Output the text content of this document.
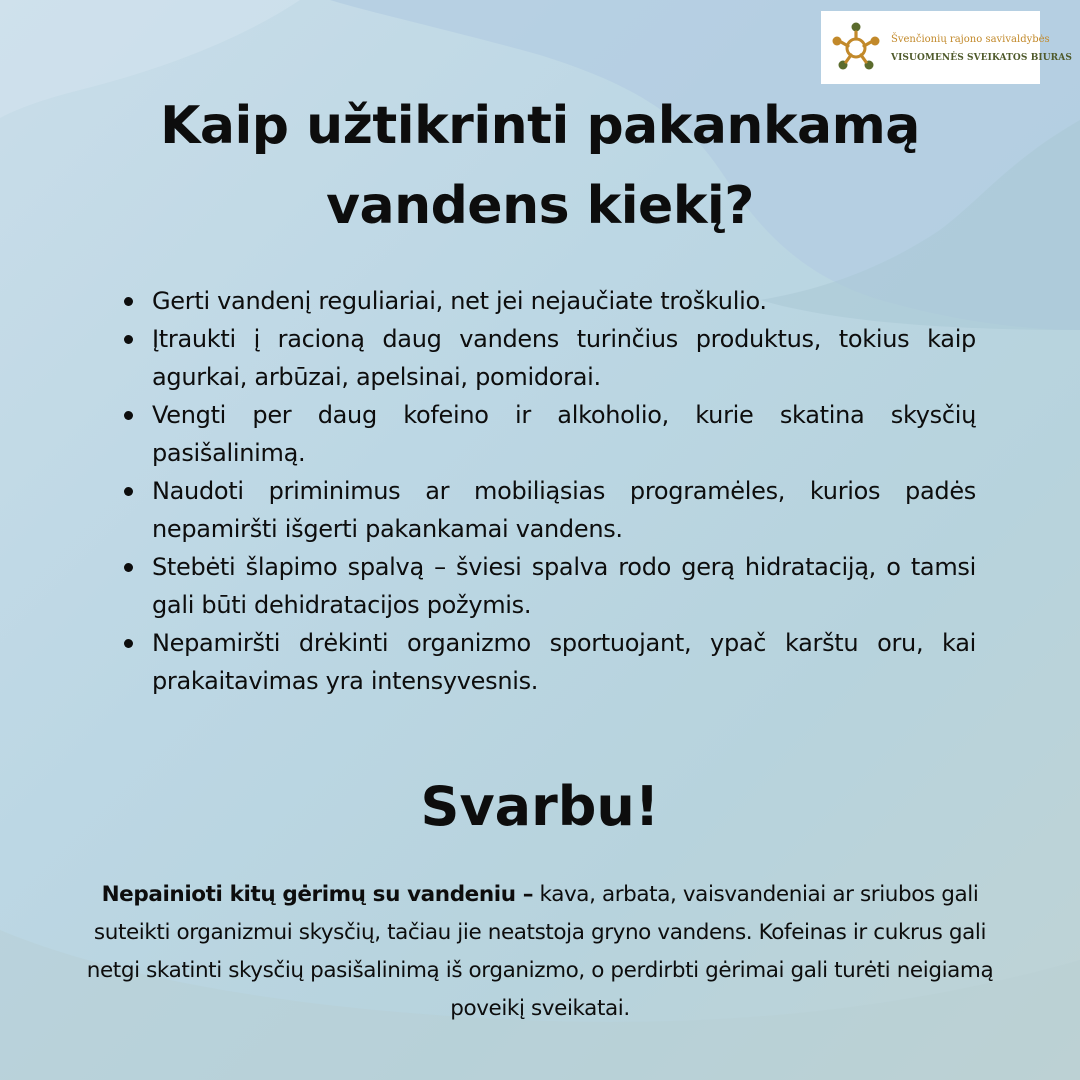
Švenčionių rajono savivaldybės
VISUOMENĖS SVEIKATOS BIURAS
Kaip užtikrinti pakankamą
vandens kiekį?
Gerti vandenį reguliariai, net jei nejaučiate troškulio.
Įtraukti į racioną daug vandens turinčius produktus, tokius kaip agurkai, arbūzai, apelsinai, pomidorai.
Vengti per daug kofeino ir alkoholio, kurie skatina skysčių pasišalinimą.
Naudoti priminimus ar mobiliąsias programėles, kurios padės nepamiršti išgerti pakankamai vandens.
Stebėti šlapimo spalvą – šviesi spalva rodo gerą hidrataciją, o tamsi gali būti dehidratacijos požymis.
Nepamiršti drėkinti organizmo sportuojant, ypač karštu oru, kai prakaitavimas yra intensyvesnis.
Svarbu!

Nepainioti kitų gėrimų su vandeniu – kava, arbata, vaisvandeniai ar sriubos gali suteikti organizmui skysčių, tačiau jie neatstoja gryno vandens. Kofeinas ir cukrus gali netgi skatinti skysčių pasišalinimą iš organizmo, o perdirbti gėrimai gali turėti neigiamą poveikį sveikatai.
